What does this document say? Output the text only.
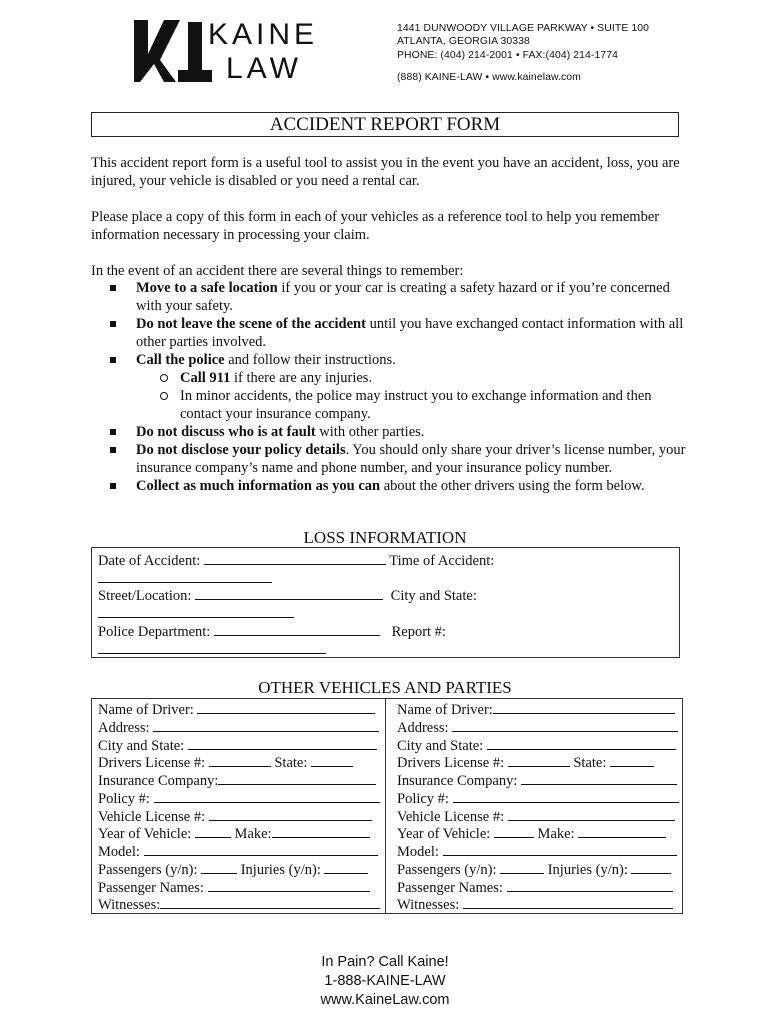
KAINE
LAW
1441 DUNWOODY VILLAGE PARKWAY • SUITE 100
ATLANTA, GEORGIA 30338
PHONE: (404) 214-2001 • FAX:(404) 214-1774
(888) KAINE-LAW • www.kainelaw.com
ACCIDENT REPORT FORM
This accident report form is a useful tool to assist you in the event you have an accident, loss, you are injured, your vehicle is disabled or you need a rental car.
Please place a copy of this form in each of your vehicles as a reference tool to help you remember information necessary in processing your claim.
In the event of an accident there are several things to remember:
Move to a safe location if you or your car is creating a safety hazard or if you’re concerned with your safety.
Do not leave the scene of the accident until you have exchanged contact information with all other parties involved.
Call the police and follow their instructions.
Call 911 if there are any injuries.
In minor accidents, the police may instruct you to exchange information and then contact your insurance company.
Do not discuss who is at fault with other parties.
Do not disclose your policy details. You should only share your driver’s license number, your insurance company’s name and phone number, and your insurance policy number.
Collect as much information as you can about the other drivers using the form below.
LOSS INFORMATION
Date of Accident:	Time of Accident:
Street/Location:	City and State:
Police Department:	Report #:
OTHER VEHICLES AND PARTIES
Name of Driver:
Address:
City and State:
Drivers License #:	State:
Insurance Company:
Policy #:
Vehicle License #:
Year of Vehicle:	Make:
Model:
Passengers (y/n):	Injuries (y/n):
Passenger Names:
Witnesses:
Name of Driver:
Address:
City and State:
Drivers License #:	State:
Insurance Company:
Policy #:
Vehicle License #:
Year of Vehicle:	Make:
Model:
Passengers (y/n):	Injuries (y/n):
Passenger Names:
Witnesses:
In Pain? Call Kaine!
1-888-KAINE-LAW
www.KaineLaw.com
